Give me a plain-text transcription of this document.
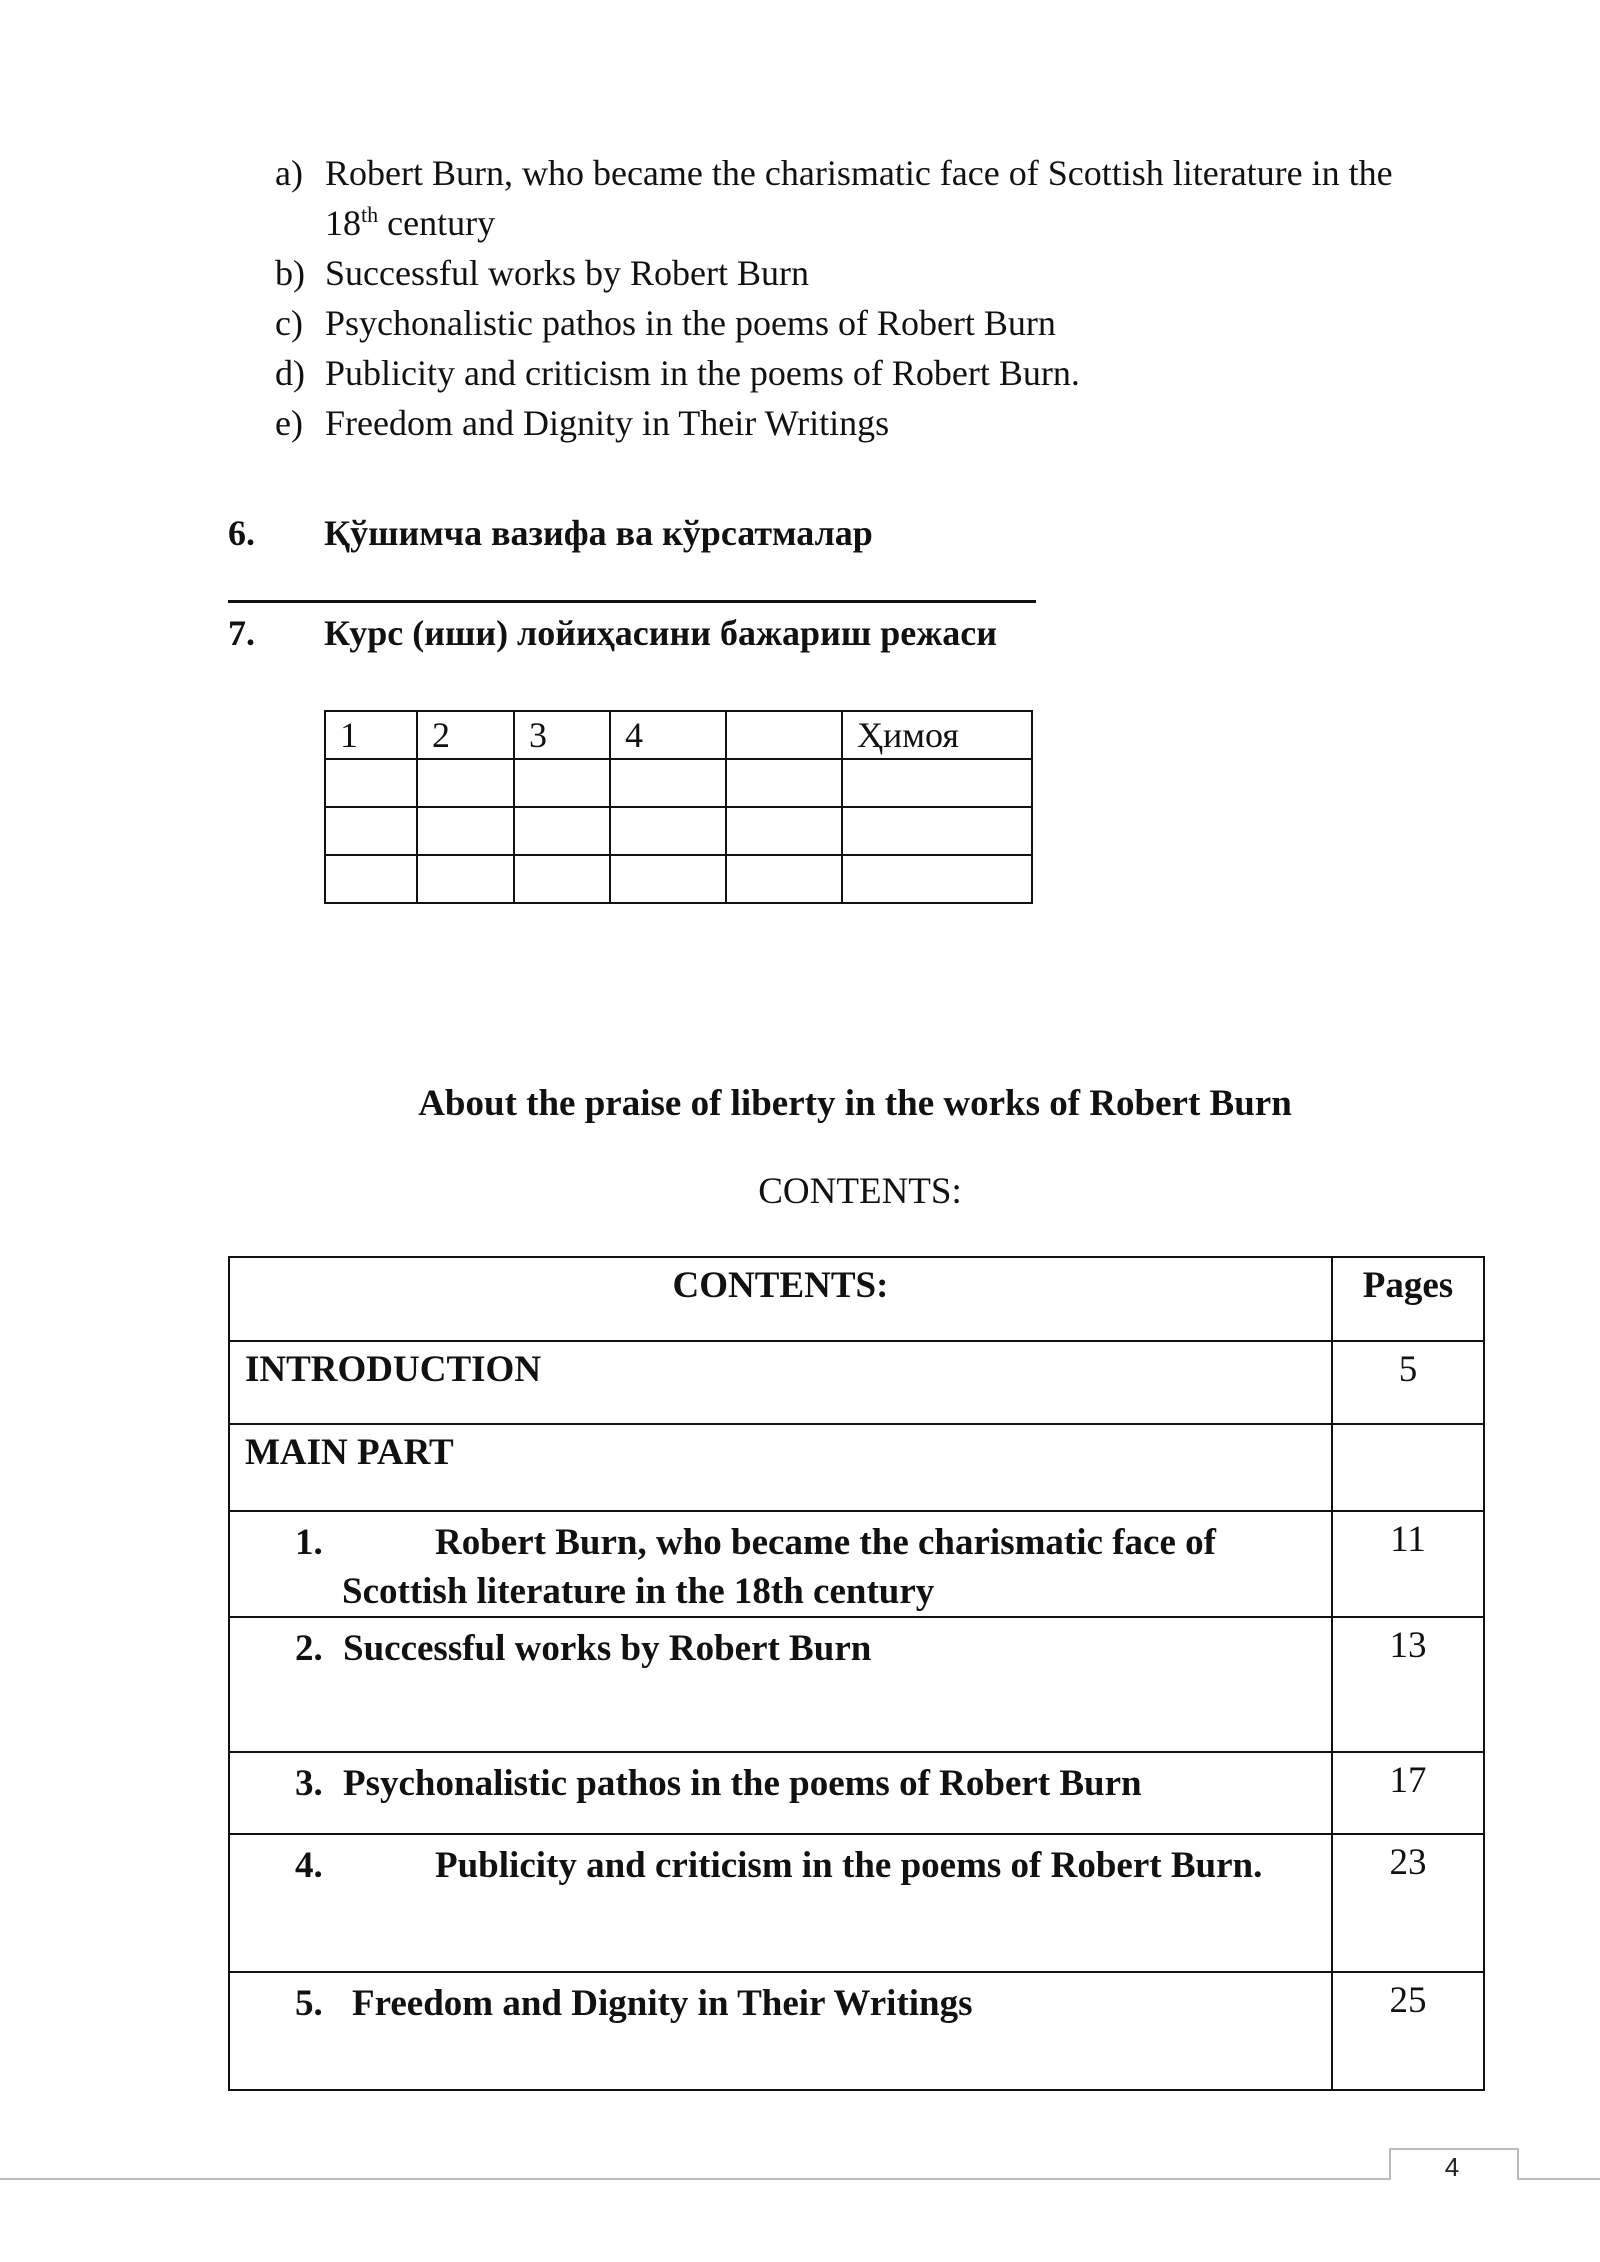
a) Robert Burn, who became the charismatic face of Scottish literature in the
18th century
b) Successful works by Robert Burn
c) Psychonalistic pathos in the poems of Robert Burn
d) Publicity and criticism in the poems of Robert Burn.
e) Freedom and Dignity in Their Writings
6. Қўшимча вазифа ва кўрсатмалар
7. Курс (иши) лойиҳасини бажариш режаси
1	2	3	4		Ҳимоя

About the praise of liberty in the works of Robert Burn
CONTENTS:
CONTENTS:	Pages

INTRODUCTION	5

MAIN PART	

1. Robert Burn, who became the charismatic face of
Scottish literature in the 18th century	11

2. Successful works by Robert Burn	13

3. Psychonalistic pathos in the poems of Robert Burn	17

4. Publicity and criticism in the poems of Robert Burn.	23

5. Freedom and Dignity in Their Writings	25
4
